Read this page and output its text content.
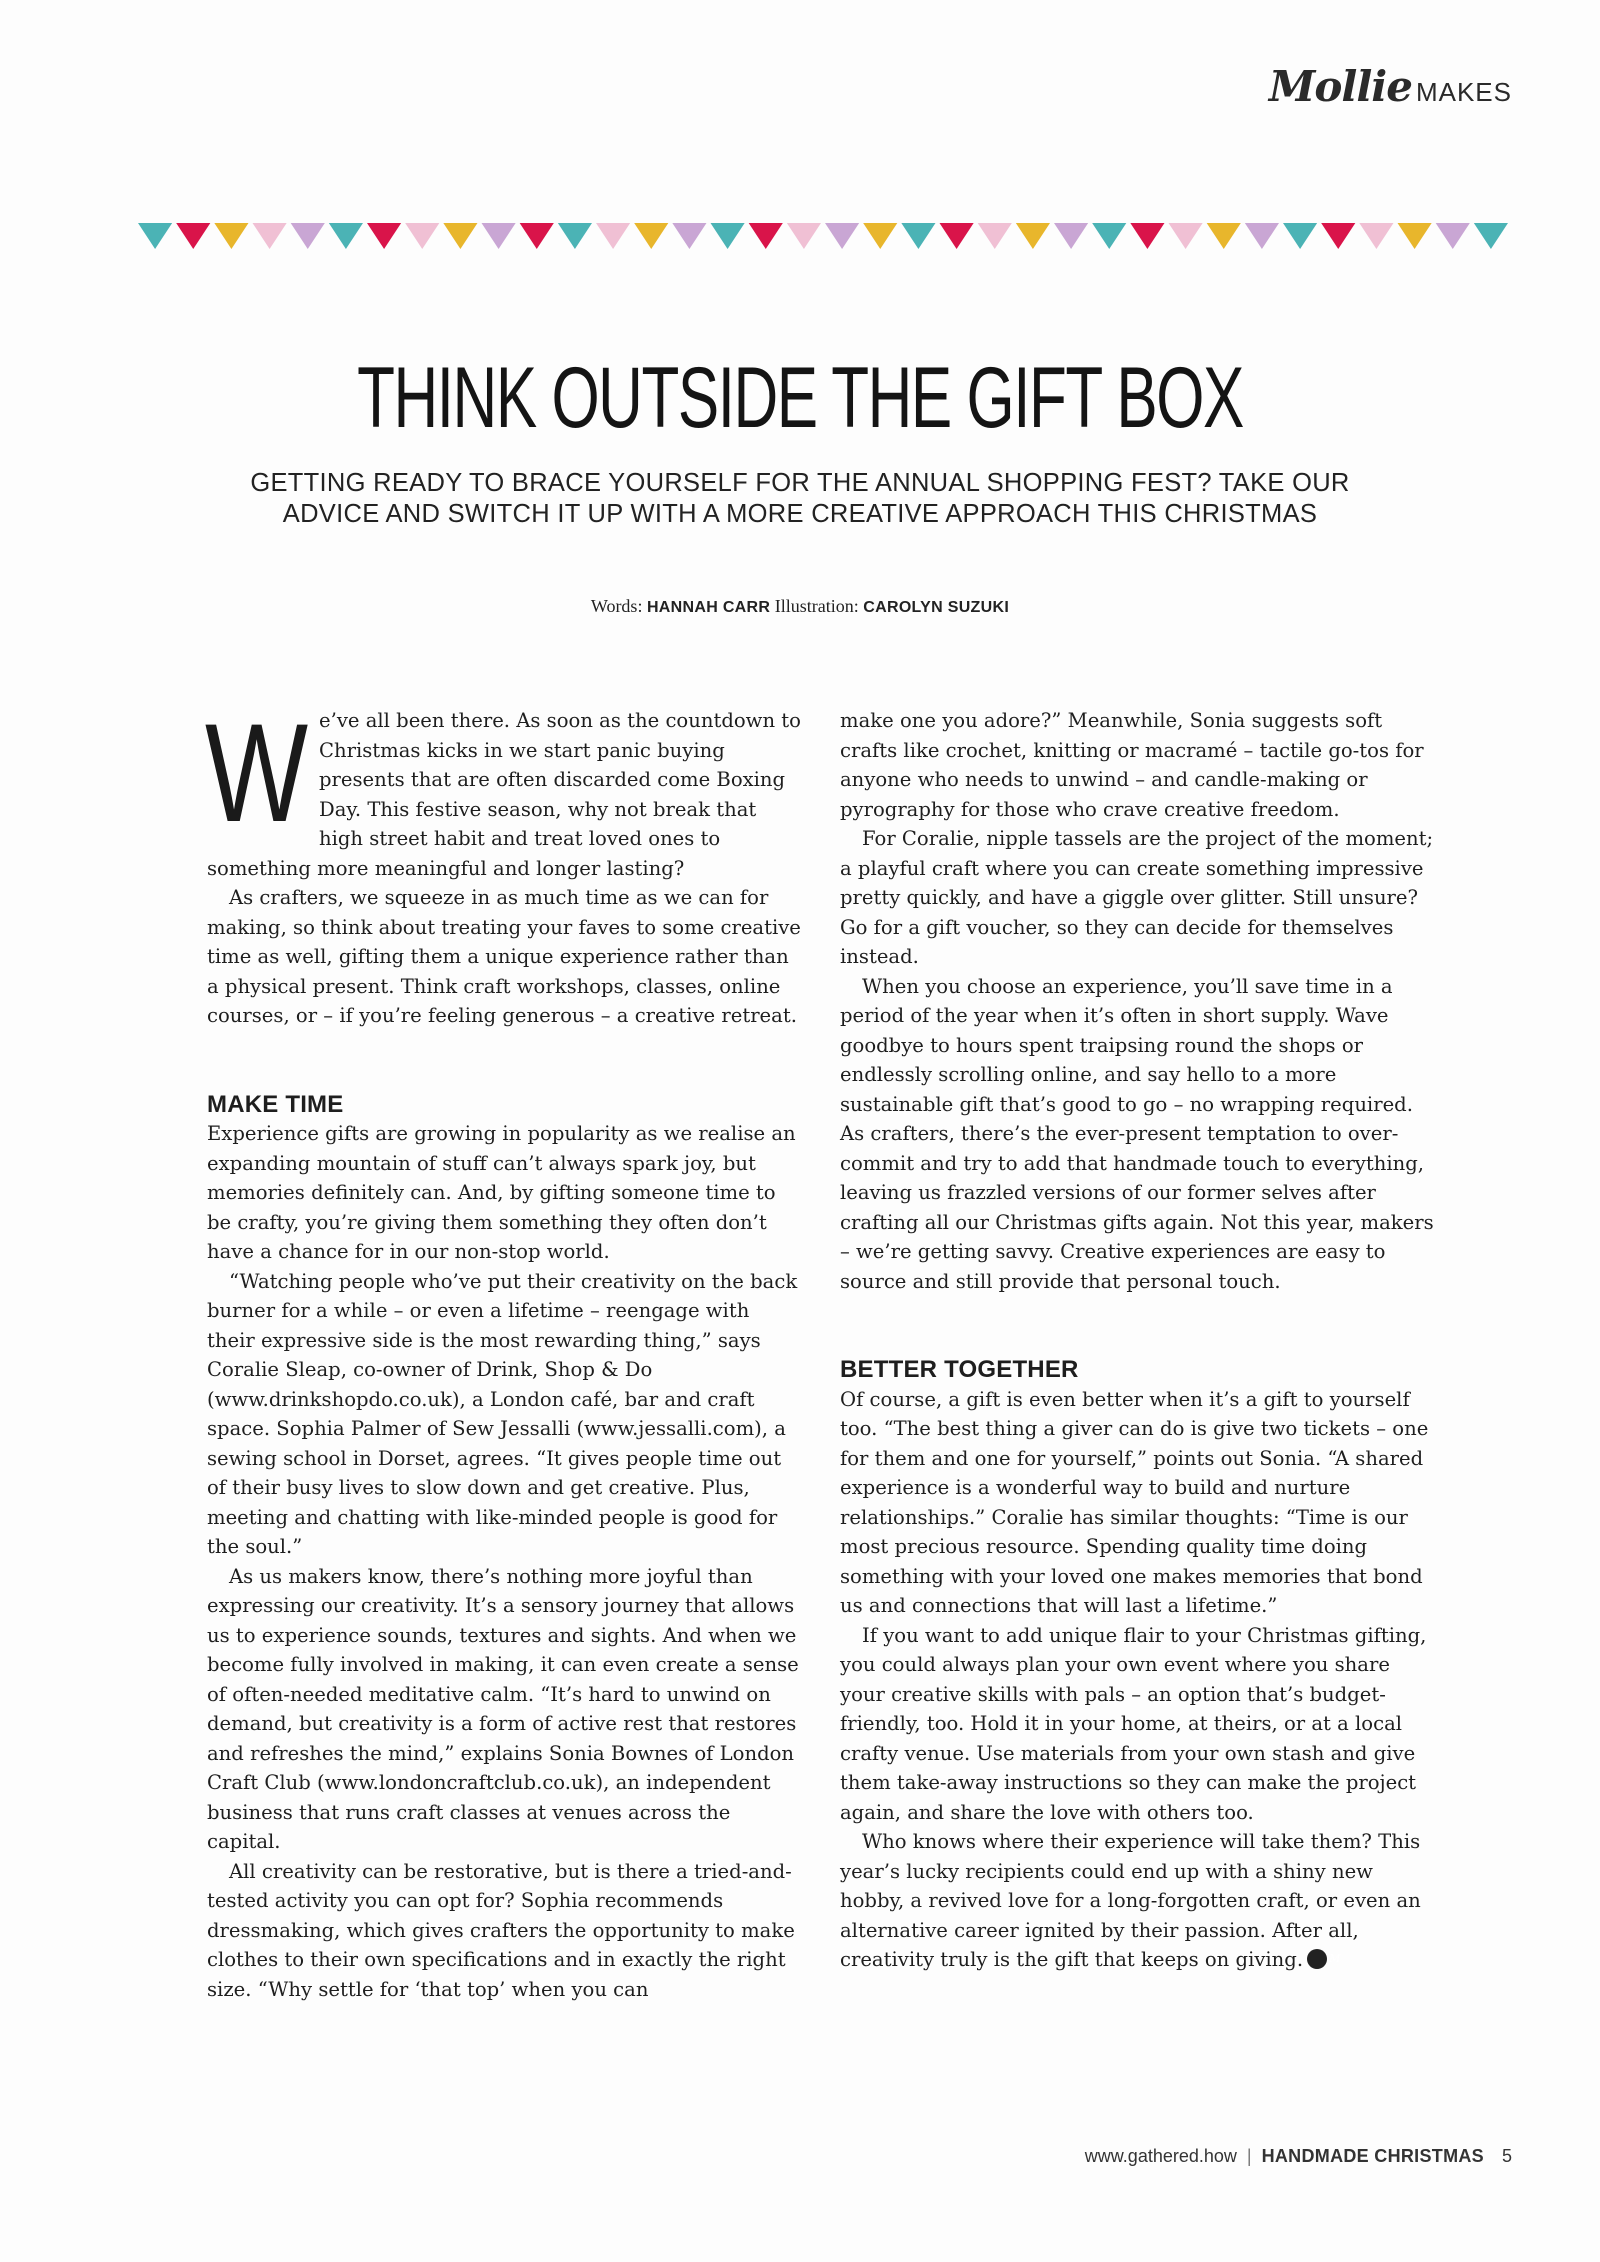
Mollie MAKES
THINK OUTSIDE THE GIFT BOX

GETTING READY TO BRACE YOURSELF FOR THE ANNUAL SHOPPING FEST? TAKE OUR ADVICE AND SWITCH IT UP WITH A MORE CREATIVE APPROACH THIS CHRISTMAS

Words: HANNAH CARR Illustration: CAROLYN SUZUKI
W e’ve all been there. As soon as the countdown to Christmas kicks in we start panic buying presents that are often discarded come Boxing Day. This festive season, why not break that high street habit and treat loved ones to something more meaningful and longer lasting?

As crafters, we squeeze in as much time as we can for making, so think about treating your faves to some creative time as well, gifting them a unique experience rather than a physical present. Think craft workshops, classes, online courses, or – if you’re feeling generous – a creative retreat.

MAKE TIME

Experience gifts are growing in popularity as we realise an expanding mountain of stuff can’t always spark joy, but memories definitely can. And, by gifting someone time to be crafty, you’re giving them something they often don’t have a chance for in our non-stop world.

“Watching people who’ve put their creativity on the back burner for a while – or even a lifetime – reengage with their expressive side is the most rewarding thing,” says Coralie Sleap, co-owner of Drink, Shop & Do (www.drinkshopdo.co.uk), a London café, bar and craft space. Sophia Palmer of Sew Jessalli (www.jessalli.com), a sewing school in Dorset, agrees. “It gives people time out of their busy lives to slow down and get creative. Plus, meeting and chatting with like-minded people is good for the soul.”

As us makers know, there’s nothing more joyful than expressing our creativity. It’s a sensory journey that allows us to experience sounds, textures and sights. And when we become fully involved in making, it can even create a sense of often-needed meditative calm. “It’s hard to unwind on demand, but creativity is a form of active rest that restores and refreshes the mind,” explains Sonia Bownes of London Craft Club (www.londoncraftclub.co.uk), an independent business that runs craft classes at venues across the capital.

All creativity can be restorative, but is there a tried-and-tested activity you can opt for? Sophia recommends dressmaking, which gives crafters the opportunity to make clothes to their own specifications and in exactly the right size. “Why settle for ‘that top’ when you can

make one you adore?” Meanwhile, Sonia suggests soft crafts like crochet, knitting or macramé – tactile go-tos for anyone who needs to unwind – and candle-making or pyrography for those who crave creative freedom.

For Coralie, nipple tassels are the project of the moment; a playful craft where you can create something impressive pretty quickly, and have a giggle over glitter. Still unsure? Go for a gift voucher, so they can decide for themselves instead.

When you choose an experience, you’ll save time in a period of the year when it’s often in short supply. Wave goodbye to hours spent traipsing round the shops or endlessly scrolling online, and say hello to a more sustainable gift that’s good to go – no wrapping required. As crafters, there’s the ever-present temptation to over-commit and try to add that handmade touch to everything, leaving us frazzled versions of our former selves after crafting all our Christmas gifts again. Not this year, makers – we’re getting savvy. Creative experiences are easy to source and still provide that personal touch.

BETTER TOGETHER

Of course, a gift is even better when it’s a gift to yourself too. “The best thing a giver can do is give two tickets – one for them and one for yourself,” points out Sonia. “A shared experience is a wonderful way to build and nurture relationships.” Coralie has similar thoughts: “Time is our most precious resource. Spending quality time doing something with your loved one makes memories that bond us and connections that will last a lifetime.”

If you want to add unique flair to your Christmas gifting, you could always plan your own event where you share your creative skills with pals – an option that’s budget-friendly, too. Hold it in your home, at theirs, or at a local crafty venue. Use materials from your own stash and give them take-away instructions so they can make the project again, and share the love with others too.

Who knows where their experience will take them? This year’s lucky recipients could end up with a shiny new hobby, a revived love for a long-forgotten craft, or even an alternative career ignited by their passion. After all, creativity truly is the gift that keeps on giving.M

www.gathered.how | HANDMADE CHRISTMAS 5
